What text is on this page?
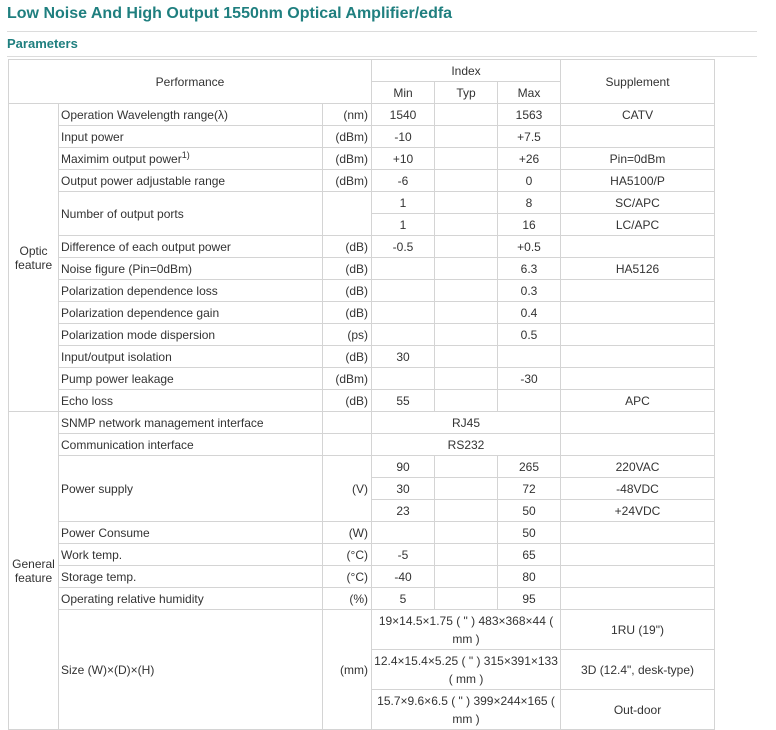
Low Noise And High Output 1550nm Optical Amplifier/edfa
Parameters
Performance			Index			Supplement
			Min	Typ	Max	
Optic feature	Operation Wavelength range(λ)	(nm)	1540		1563	CATV
	Input power	(dBm)	-10		+7.5	
	Maximim output power$^{1)}$	(dBm)	+10		+26	Pin=0dBm
	Output power adjustable range	(dBm)	-6		0	HA5100/P
	Number of output ports		1		8	SC/APC
			1		16	LC/APC
	Difference of each output power	(dB)	-0.5		+0.5	
	Noise figure (Pin=0dBm)	(dB)			6.3	HA5126
	Polarization dependence loss	(dB)			0.3	
	Polarization dependence gain	(dB)			0.4	
	Polarization mode dispersion	(ps)			0.5	
	Input/output isolation	(dB)	30			
	Pump power leakage	(dBm)			-30	
	Echo loss	(dB)	55			APC
General feature	SNMP network management interface		RJ45			
	Communication interface		RS232			
	Power supply	(V)	90		265	220VAC
			30		72	-48VDC
			23		50	+24VDC
	Power Consume	(W)			50	
	Work temp.	(°C)	-5		65	
	Storage temp.	(°C)	-40		80	
	Operating relative humidity	(%)	5		95	
	Size (W)×(D)×(H)	(mm)	19×14.5×1.75 ( " ) 483×368×44 ( mm )			1RU (19")
			12.4×15.4×5.25 ( " ) 315×391×133 ( mm )			3D (12.4", desk-type)
			15.7×9.6×6.5 ( " ) 399×244×165 ( mm )			Out-door
